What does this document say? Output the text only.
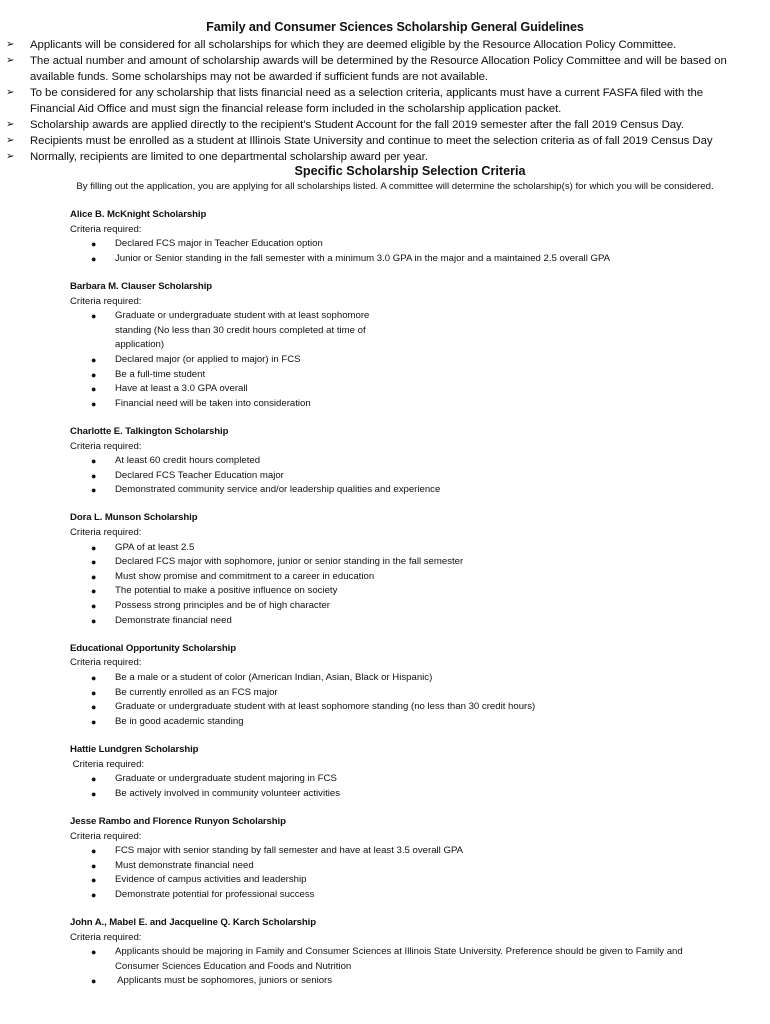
Family and Consumer Sciences Scholarship General Guidelines
➢ Applicants will be considered for all scholarships for which they are deemed eligible by the Resource Allocation Policy Committee.
➢ The actual number and amount of scholarship awards will be determined by the Resource Allocation Policy Committee and will be based on available funds. Some scholarships may not be awarded if sufficient funds are not available.
➢ To be considered for any scholarship that lists financial need as a selection criteria, applicants must have a current FASFA filed with the Financial Aid Office and must sign the financial release form included in the scholarship application packet.
➢ Scholarship awards are applied directly to the recipient’s Student Account for the fall 2019 semester after the fall 2019 Census Day.
➢ Recipients must be enrolled as a student at Illinois State University and continue to meet the selection criteria as of fall 2019 Census Day
➢ Normally, recipients are limited to one departmental scholarship award per year.
Specific Scholarship Selection Criteria
By filling out the application, you are applying for all scholarships listed. A committee will determine the scholarship(s) for which you will be considered.
Alice B. McKnight Scholarship
Criteria required:
● Declared FCS major in Teacher Education option
● Junior or Senior standing in the fall semester with a minimum 3.0 GPA in the major and a maintained 2.5 overall GPA
Barbara M. Clauser Scholarship
Criteria required:
● Graduate or undergraduate student with at least sophomore standing (No less than 30 credit hours completed at time of application)
● Declared major (or applied to major) in FCS
● Be a full-time student
● Have at least a 3.0 GPA overall
● Financial need will be taken into consideration
Charlotte E. Talkington Scholarship
Criteria required:
● At least 60 credit hours completed
● Declared FCS Teacher Education major
● Demonstrated community service and/or leadership qualities and experience
Dora L. Munson Scholarship
Criteria required:
● GPA of at least 2.5
● Declared FCS major with sophomore, junior or senior standing in the fall semester
● Must show promise and commitment to a career in education
● The potential to make a positive influence on society
● Possess strong principles and be of high character
● Demonstrate financial need
Educational Opportunity Scholarship
Criteria required:
● Be a male or a student of color (American Indian, Asian, Black or Hispanic)
● Be currently enrolled as an FCS major
● Graduate or undergraduate student with at least sophomore standing (no less than 30 credit hours)
● Be in good academic standing
Hattie Lundgren Scholarship
Criteria required:
● Graduate or undergraduate student majoring in FCS
● Be actively involved in community volunteer activities
Jesse Rambo and Florence Runyon Scholarship
Criteria required:
● FCS major with senior standing by fall semester and have at least 3.5 overall GPA
● Must demonstrate financial need
● Evidence of campus activities and leadership
● Demonstrate potential for professional success
John A., Mabel E. and Jacqueline Q. Karch Scholarship
Criteria required:
● Applicants should be majoring in Family and Consumer Sciences at Illinois State University. Preference should be given to Family and Consumer Sciences Education and Foods and Nutrition
● Applicants must be sophomores, juniors or seniors
